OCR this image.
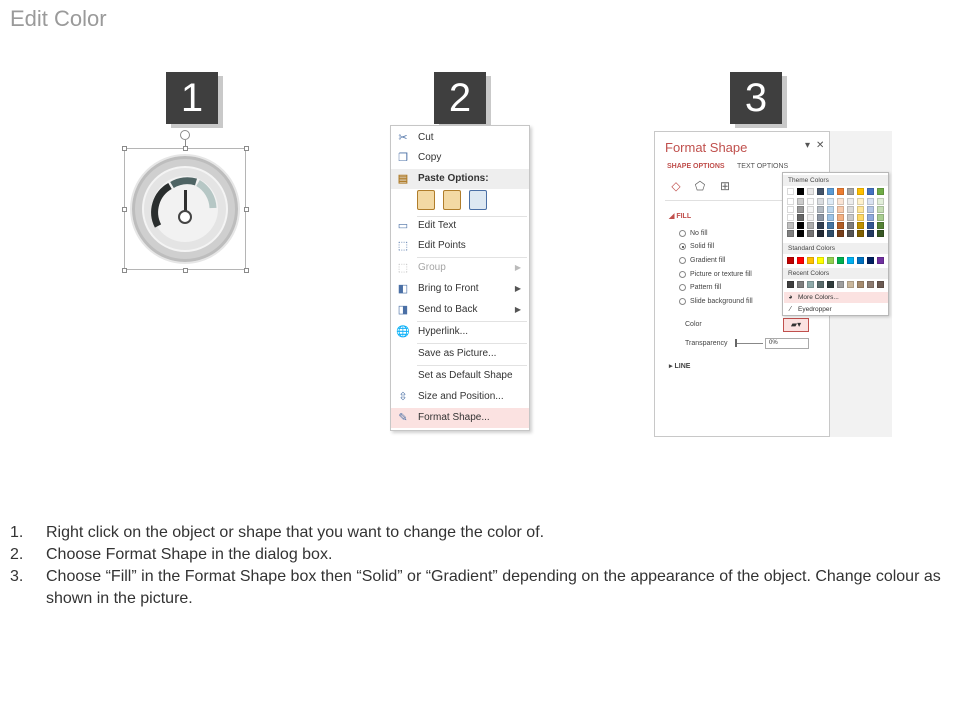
Edit Color
1	2	3
✂ Cut
❐ Copy
▤ Paste Options:
▭ Edit Text
⬚ Edit Points
⬚ Group	▶
◧ Bring to Front	▶
◨ Send to Back	▶
🌐 Hyperlink...
Save as Picture...
Set as Default Shape
⇳ Size and Position...
✎ Format Shape...
Format Shape	▾ ✕
SHAPE OPTIONS TEXT OPTIONS
◇ ⬠ ⊞
◢ FILL
No fill
Solid fill
Gradient fill
Picture or texture fill
Pattern fill
Slide background fill
Color	▰▾
Transparency	0%
▸ LINE
Theme Colors
Standard Colors
Recent Colors
◕ More Colors...
⁄	Eyedropper
1. Right click on the object or shape that you want to change the color of.
2. Choose Format Shape in the dialog box.
3. Choose “Fill” in the Format Shape box then “Solid” or “Gradient” depending on the appearance of the object. Change colour as shown in the picture.
